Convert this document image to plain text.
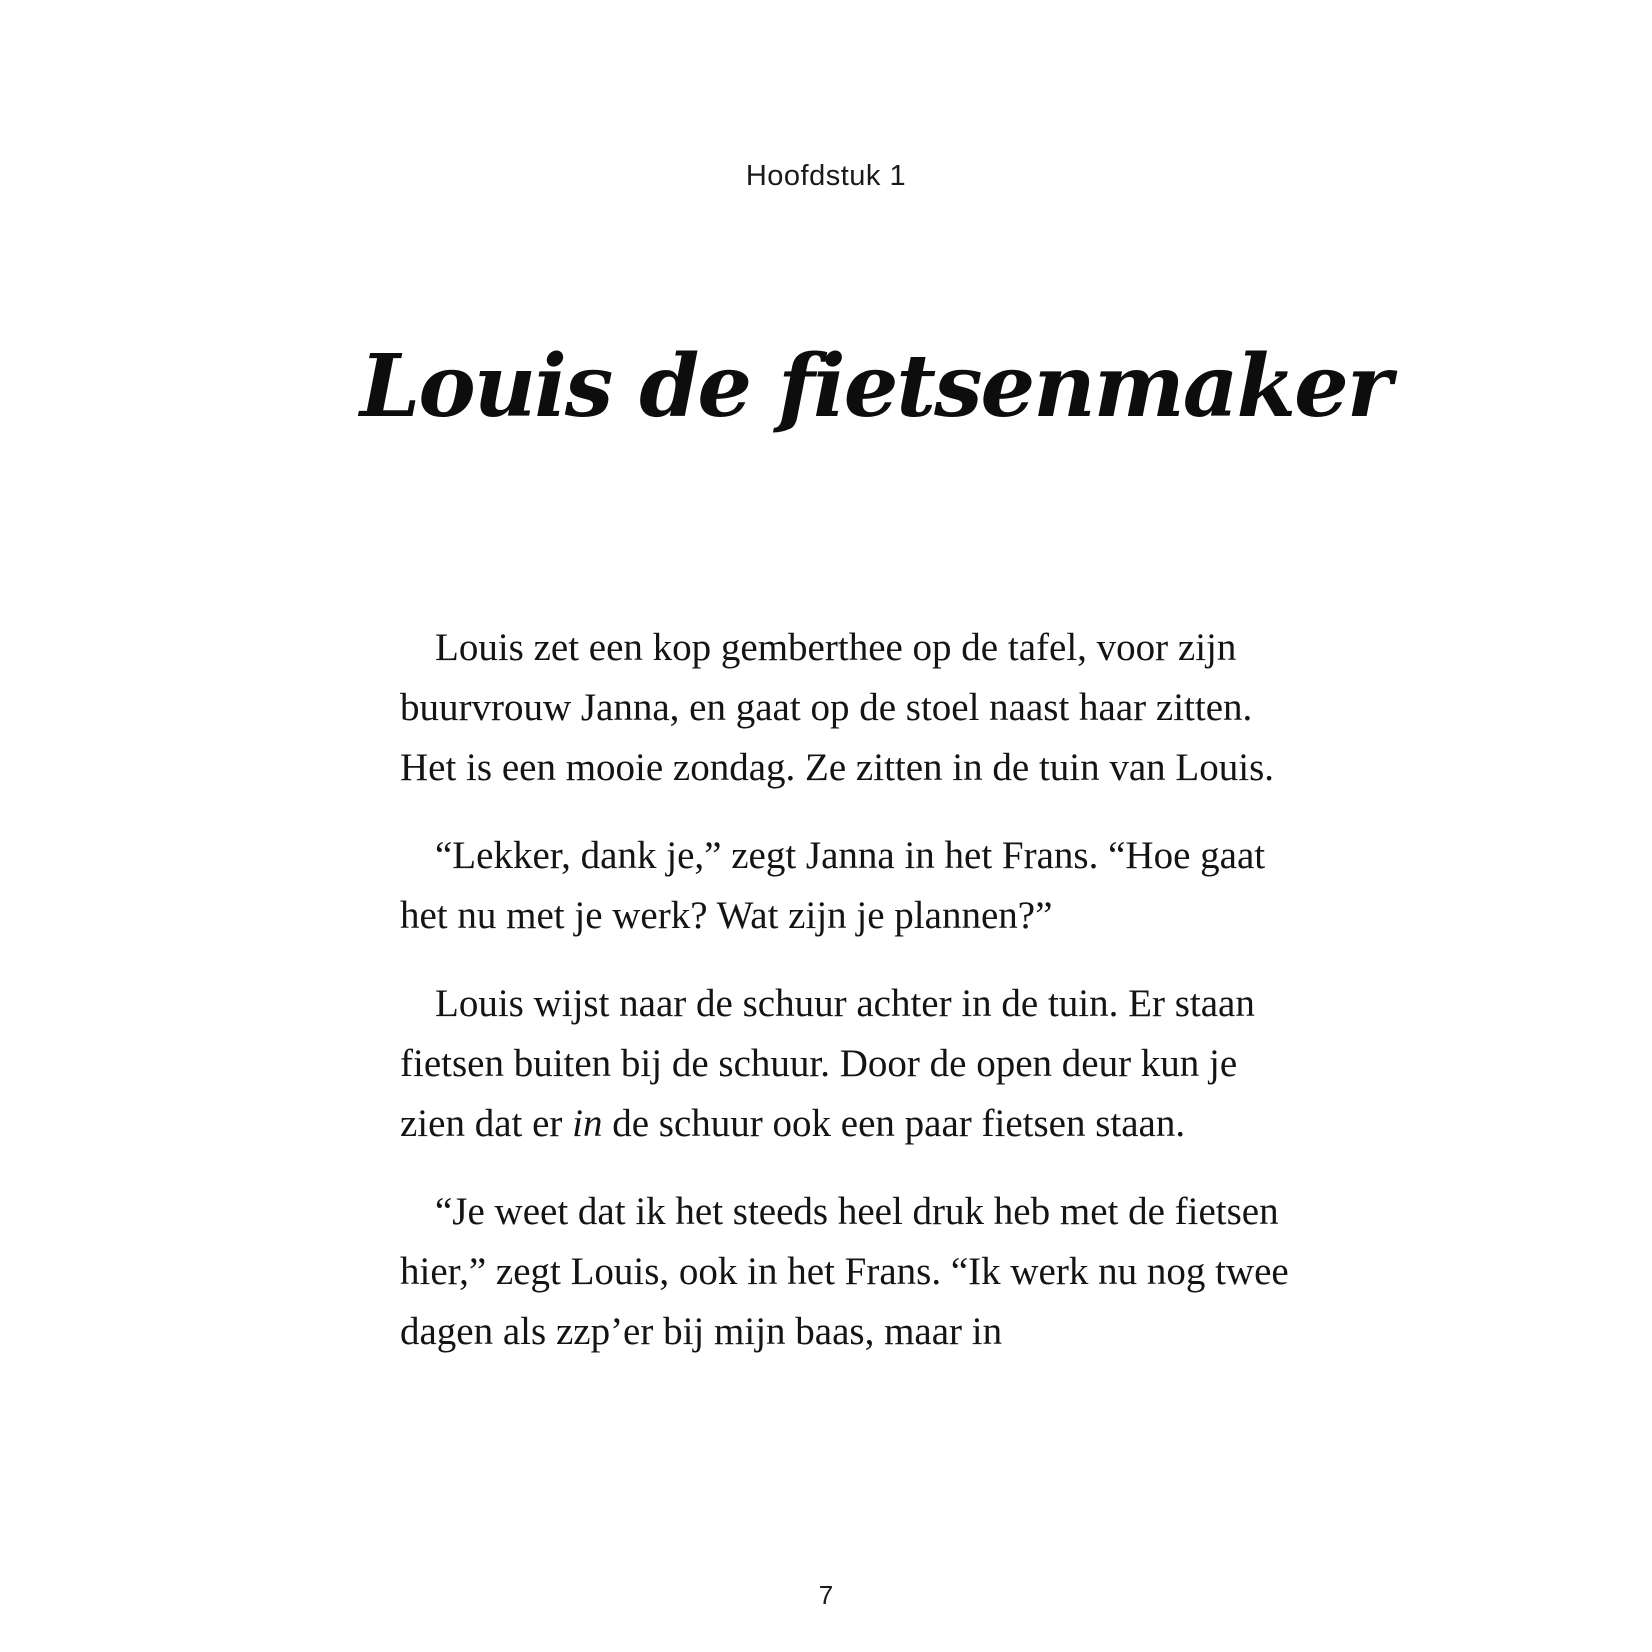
Hoofdstuk 1
Louis de fietsenmaker

Louis zet een kop gemberthee op de tafel, voor zijn buurvrouw Janna, en gaat op de stoel naast haar zitten. Het is een mooie zondag. Ze zitten in de tuin van Louis.

“Lekker, dank je,” zegt Janna in het Frans. “Hoe gaat het nu met je werk? Wat zijn je plannen?”

Louis wijst naar de schuur achter in de tuin. Er staan fietsen buiten bij de schuur. Door de open deur kun je zien dat er in de schuur ook een paar fietsen staan.

“Je weet dat ik het steeds heel druk heb met de fietsen hier,” zegt Louis, ook in het Frans. “Ik werk nu nog twee dagen als zzp’er bij mijn baas, maar in

7
